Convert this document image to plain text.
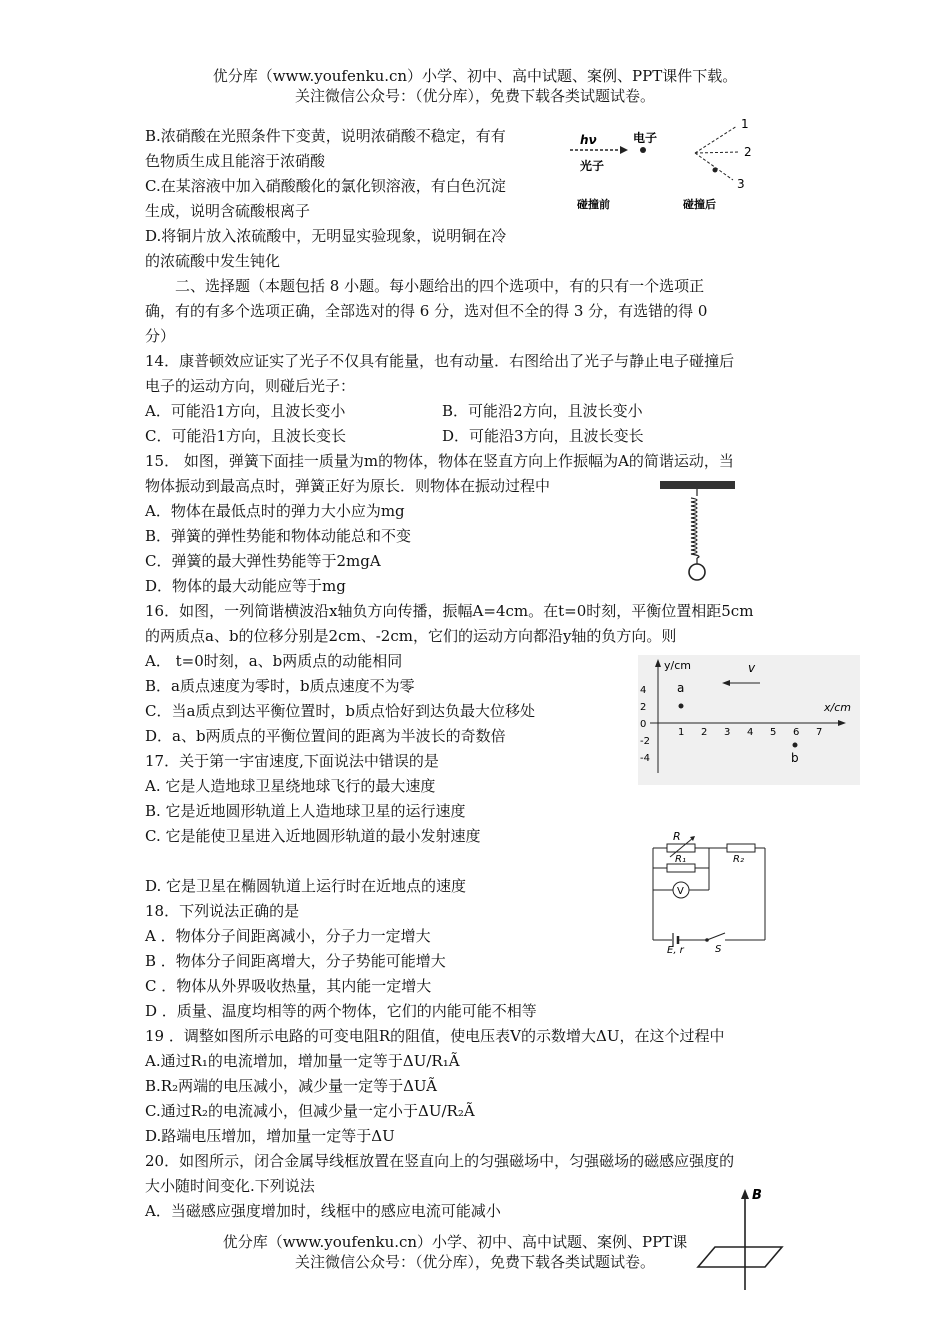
优分库（www.youfenku.cn）小学、初中、高中试题、案例、PPT课件下载。
关注微信公众号：（优分库），免费下载各类试题试卷。
B.浓硝酸在光照条件下变黄，说明浓硝酸不稳定，有有
色物质生成且能溶于浓硝酸
C.在某溶液中加入硝酸酸化的氯化钡溶液，有白色沉淀
生成，说明含硫酸根离子
D.将铜片放入浓硫酸中，无明显实验现象，说明铜在冷
的浓硫酸中发生钝化
　　二、选择题（本题包括 8 小题。每小题给出的四个选项中，有的只有一个选项正
确，有的有多个选项正确，全部选对的得 6 分，选对但不全的得 3 分，有选错的得 0
分）
14．康普顿效应证实了光子不仅具有能量，也有动量．右图给出了光子与静止电子碰撞后
电子的运动方向，则碰后光子：
A．可能沿1方向，且波长变小	B．可能沿2方向，且波长变小
C．可能沿1方向，且波长变长	D．可能沿3方向，且波长变长
15． 如图，弹簧下面挂一质量为m的物体，物体在竖直方向上作振幅为A的简谐运动，当
物体振动到最高点时，弹簧正好为原长．则物体在振动过程中
A．物体在最低点时的弹力大小应为mg
B．弹簧的弹性势能和物体动能总和不变
C．弹簧的最大弹性势能等于2mgA
D．物体的最大动能应等于mg
16．如图，一列简谐横波沿x轴负方向传播，振幅A=4cm。在t=0时刻，平衡位置相距5cm
的两质点a、b的位移分别是2cm、-2cm，它们的运动方向都沿y轴的负方向。则
A． t=0时刻，a、b两质点的动能相同
B．a质点速度为零时，b质点速度不为零
C．当a质点到达平衡位置时，b质点恰好到达负最大位移处
D．a、b两质点的平衡位置间的距离为半波长的奇数倍
17．关于第一宇宙速度,下面说法中错误的是
A. 它是人造地球卫星绕地球飞行的最大速度
B. 它是近地圆形轨道上人造地球卫星的运行速度
C. 它是能使卫星进入近地圆形轨道的最小发射速度
D. 它是卫星在椭圆轨道上运行时在近地点的速度
18．下列说法正确的是
A ．物体分子间距离减小，分子力一定增大
B ．物体分子间距离增大，分子势能可能增大
C ．物体从外界吸收热量，其内能一定增大
D ．质量、温度均相等的两个物体，它们的内能可能不相等
19 ．调整如图所示电路的可变电阻R的阻值，使电压表V的示数增大ΔU，在这个过程中
A.通过R₁的电流增加，增加量一定等于ΔU/R₁Ã
B.R₂两端的电压减小，减少量一定等于ΔUÃ
C.通过R₂的电流减小，但减少量一定小于ΔU/R₂Ã
D.路端电压增加，增加量一定等于ΔU
20．如图所示，闭合金属导线框放置在竖直向上的匀强磁场中，匀强磁场的磁感应强度的
大小随时间变化.下列说法
A．当磁感应强度增加时，线框中的感应电流可能减小
优分库（www.youfenku.cn）小学、初中、高中试题、案例、PPT课
关注微信公众号：（优分库），免费下载各类试题试卷。
hν	电子
光子
碰撞前
1
2
3
碰撞后
y/cm
x/cm
v
4
2
0
-2
-4
1 2 3 4 5 6 7
a
b
R
R₁	R₂
V
E, r	S
B
